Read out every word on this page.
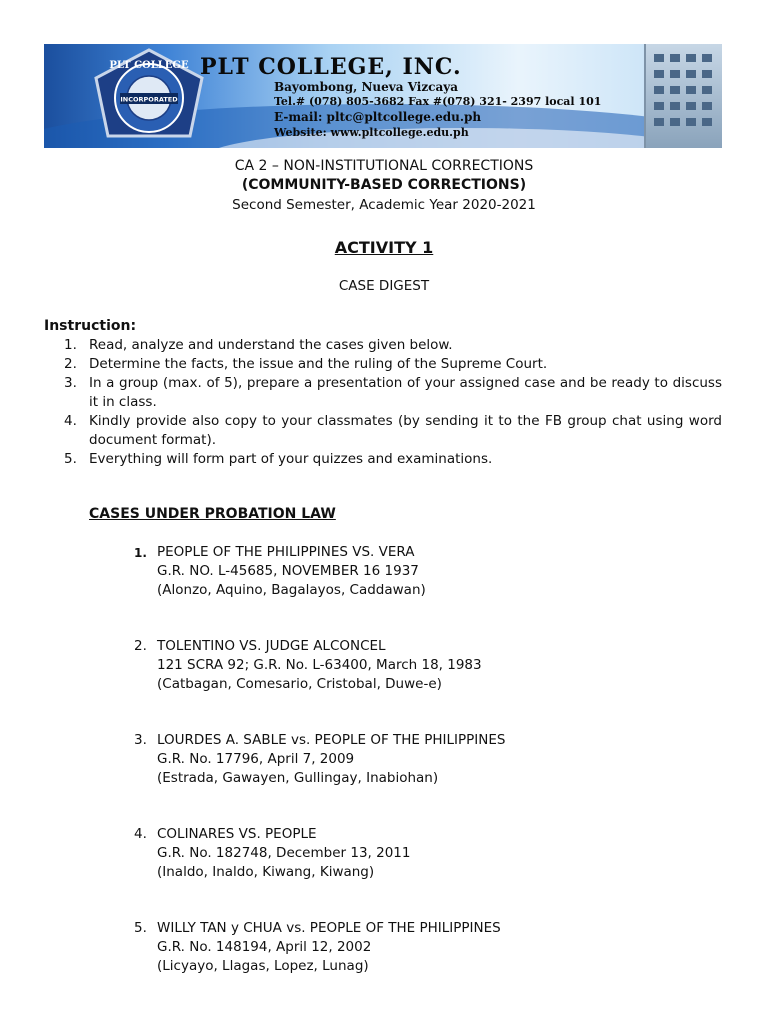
PLT COLLEGE
INCORPORATED
PLT COLLEGE, INC.
Bayombong, Nueva Vizcaya
Tel.# (078) 805-3682 Fax #(078) 321- 2397 local 101
E-mail: pltc@pltcollege.edu.ph
Website: www.pltcollege.edu.ph
CA 2 – NON-INSTITUTIONAL CORRECTIONS
(COMMUNITY-BASED CORRECTIONS)
Second Semester, Academic Year 2020-2021
ACTIVITY 1
CASE DIGEST
Instruction:
1. Read, analyze and understand the cases given below.
2. Determine the facts, the issue and the ruling of the Supreme Court.
3. In a group (max. of 5), prepare a presentation of your assigned case and be ready to discuss it in class.
4. Kindly provide also copy to your classmates (by sending it to the FB group chat using word document format).
5. Everything will form part of your quizzes and examinations.
CASES UNDER PROBATION LAW
1. PEOPLE OF THE PHILIPPINES VS. VERA
G.R. NO. L-45685, NOVEMBER 16 1937
(Alonzo, Aquino, Bagalayos, Caddawan)
2. TOLENTINO VS. JUDGE ALCONCEL
121 SCRA 92; G.R. No. L-63400, March 18, 1983
(Catbagan, Comesario, Cristobal, Duwe-e)
3. LOURDES A. SABLE vs. PEOPLE OF THE PHILIPPINES
G.R. No. 17796, April 7, 2009
(Estrada, Gawayen, Gullingay, Inabiohan)
4. COLINARES VS. PEOPLE
G.R. No. 182748, December 13, 2011
(Inaldo, Inaldo, Kiwang, Kiwang)
5. WILLY TAN y CHUA vs. PEOPLE OF THE PHILIPPINES
G.R. No. 148194, April 12, 2002
(Licyayo, Llagas, Lopez, Lunag)
